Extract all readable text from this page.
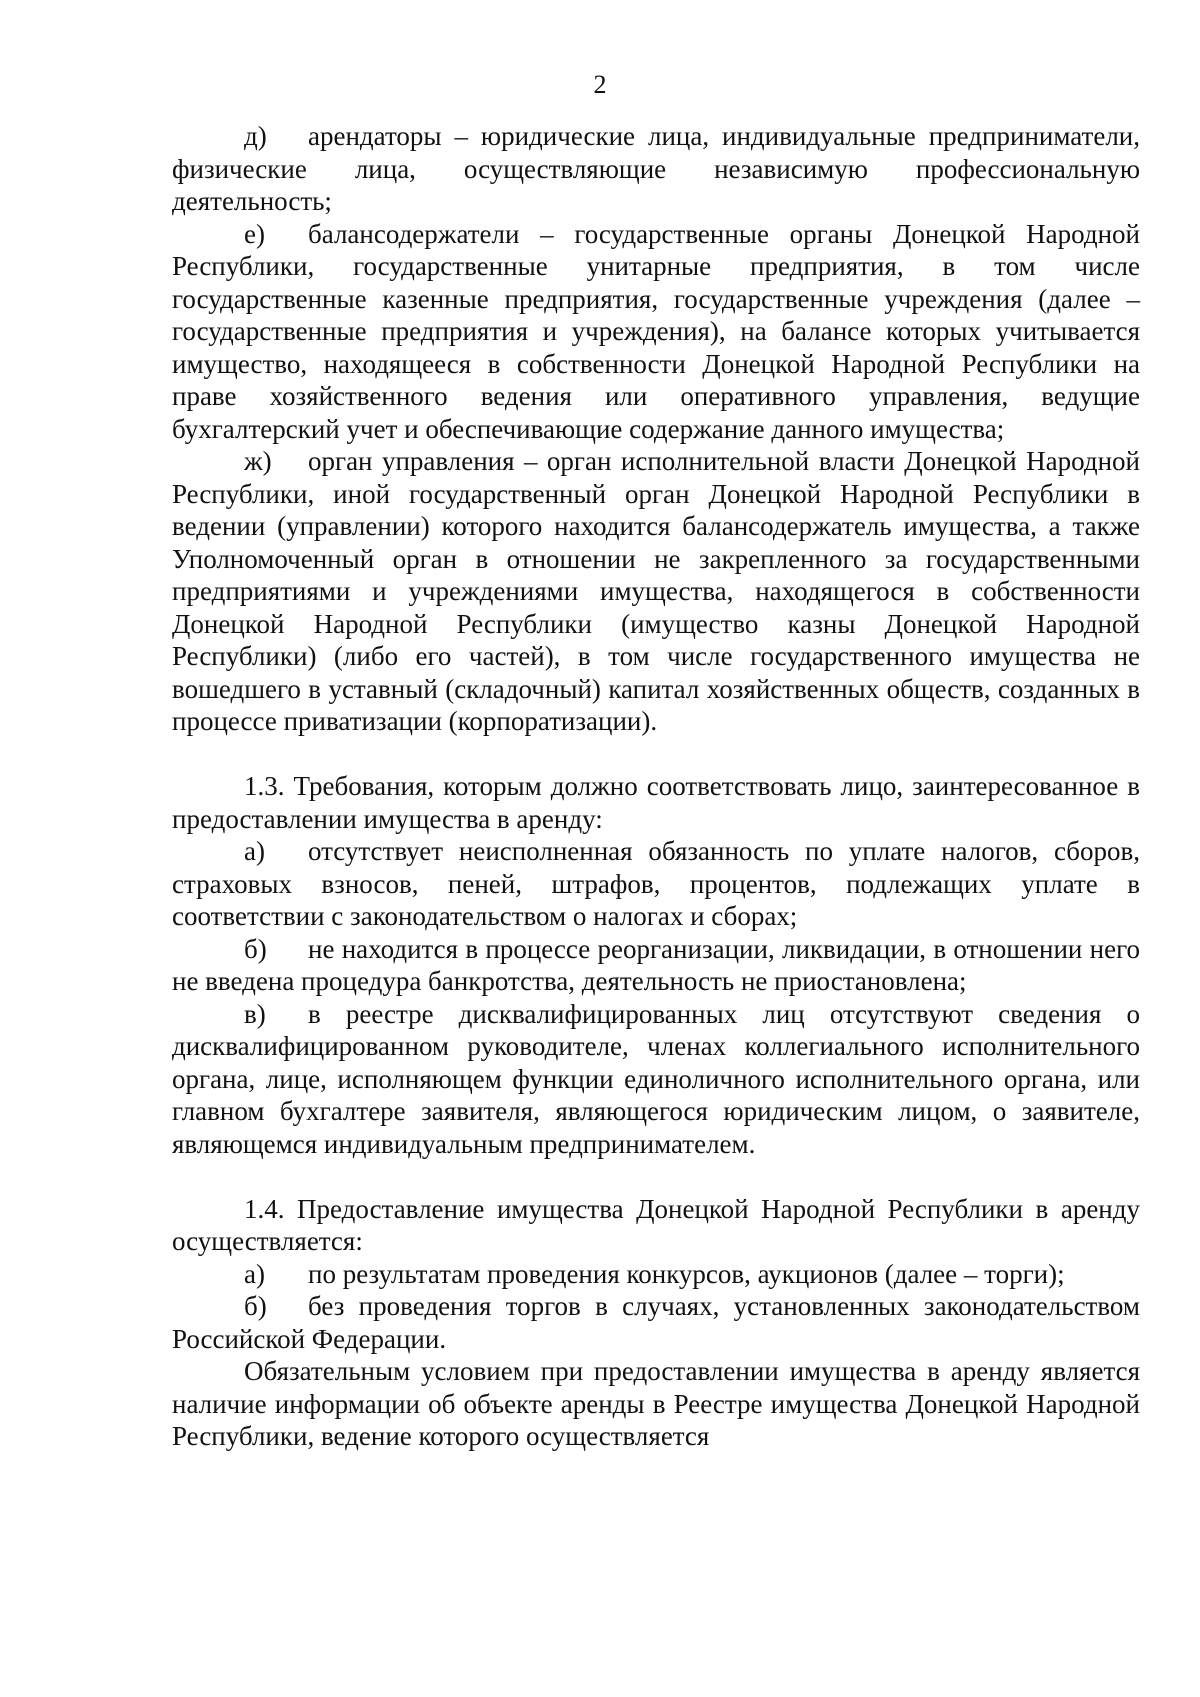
2

д) арендаторы – юридические лица, индивидуальные предприниматели, физические лица, осуществляющие независимую профессиональную деятельность;

е) балансодержатели – государственные органы Донецкой Народной Республики, государственные унитарные предприятия, в том числе государственные казенные предприятия, государственные учреждения (далее – государственные предприятия и учреждения), на балансе которых учитывается имущество, находящееся в собственности Донецкой Народной Республики на праве хозяйственного ведения или оперативного управления, ведущие бухгалтерский учет и обеспечивающие содержание данного имущества;

ж) орган управления – орган исполнительной власти Донецкой Народной Республики, иной государственный орган Донецкой Народной Республики в ведении (управлении) которого находится балансодержатель имущества, а также Уполномоченный орган в отношении не закрепленного за государственными предприятиями и учреждениями имущества, находящегося в собственности Донецкой Народной Республики (имущество казны Донецкой Народной Республики) (либо его частей), в том числе государственного имущества не вошедшего в уставный (складочный) капитал хозяйственных обществ, созданных в процессе приватизации (корпоратизации).

1.3. Требования, которым должно соответствовать лицо, заинтересованное в предоставлении имущества в аренду:

а) отсутствует неисполненная обязанность по уплате налогов, сборов, страховых взносов, пеней, штрафов, процентов, подлежащих уплате в соответствии с законодательством о налогах и сборах;

б) не находится в процессе реорганизации, ликвидации, в отношении него не введена процедура банкротства, деятельность не приостановлена;

в) в реестре дисквалифицированных лиц отсутствуют сведения о дисквалифицированном руководителе, членах коллегиального исполнительного органа, лице, исполняющем функции единоличного исполнительного органа, или главном бухгалтере заявителя, являющегося юридическим лицом, о заявителе, являющемся индивидуальным предпринимателем.

1.4. Предоставление имущества Донецкой Народной Республики в аренду осуществляется:

а) по результатам проведения конкурсов, аукционов (далее – торги);

б) без проведения торгов в случаях, установленных законодательством Российской Федерации.

Обязательным условием при предоставлении имущества в аренду является наличие информации об объекте аренды в Реестре имущества Донецкой Народной Республики, ведение которого осуществляется
